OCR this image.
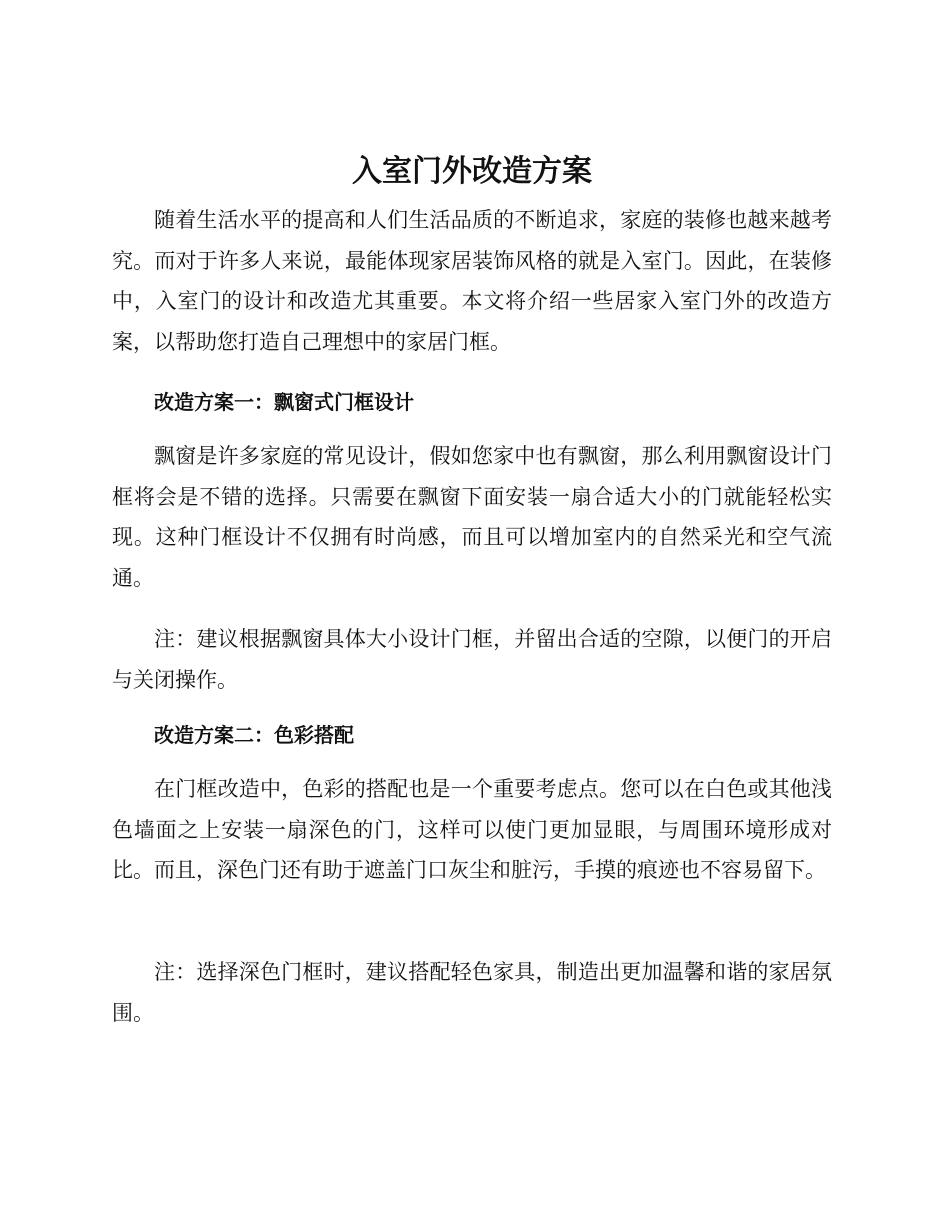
入室门外改造方案

随着生活水平的提高和人们生活品质的不断追求，家庭的装修也越来越考究。而对于许多人来说，最能体现家居装饰风格的就是入室门。因此，在装修中，入室门的设计和改造尤其重要。本文将介绍一些居家入室门外的改造方案，以帮助您打造自己理想中的家居门框。

改造方案一：飘窗式门框设计

飘窗是许多家庭的常见设计，假如您家中也有飘窗，那么利用飘窗设计门框将会是不错的选择。只需要在飘窗下面安装一扇合适大小的门就能轻松实现。这种门框设计不仅拥有时尚感，而且可以增加室内的自然采光和空气流通。

注：建议根据飘窗具体大小设计门框，并留出合适的空隙，以便门的开启与关闭操作。

改造方案二：色彩搭配

在门框改造中，色彩的搭配也是一个重要考虑点。您可以在白色或其他浅色墙面之上安装一扇深色的门，这样可以使门更加显眼，与周围环境形成对比。而且，深色门还有助于遮盖门口灰尘和脏污，手摸的痕迹也不容易留下。

注：选择深色门框时，建议搭配轻色家具，制造出更加温馨和谐的家居氛围。
